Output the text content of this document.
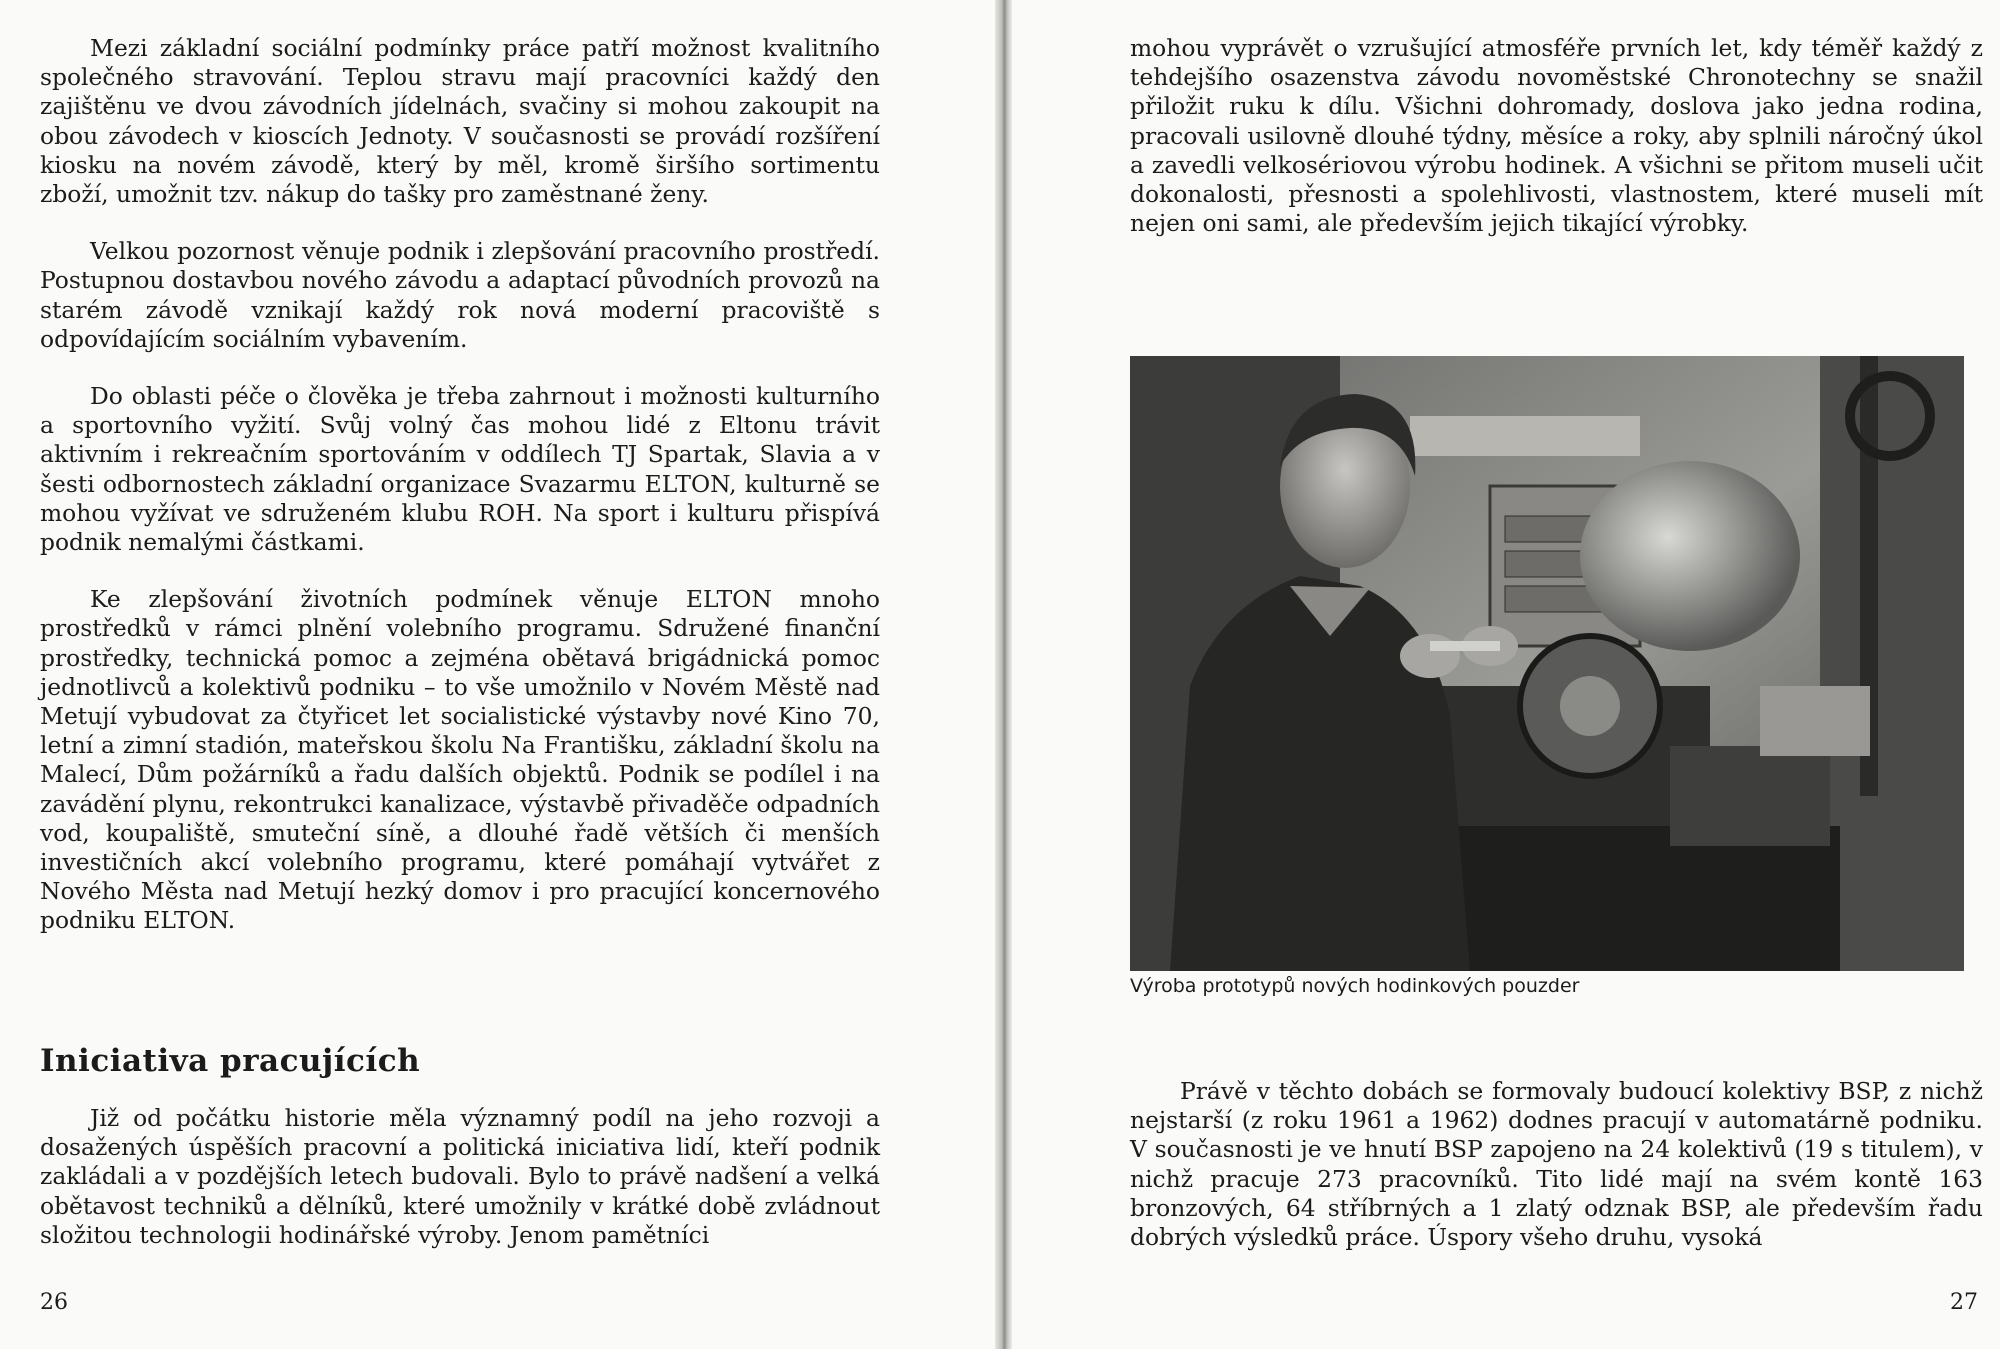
Mezi základní sociální podmínky práce patří možnost kvalitního společného stravování. Teplou stravu mají pracovníci každý den zajištěnu ve dvou závodních jídelnách, svačiny si mohou zakoupit na obou závodech v kioscích Jednoty. V současnosti se provádí rozšíření kiosku na novém závodě, který by měl, kromě širšího sortimentu zboží, umožnit tzv. nákup do tašky pro zaměstnané ženy.

Velkou pozornost věnuje podnik i zlepšování pracovního prostředí. Postupnou dostavbou nového závodu a adaptací původních provozů na starém závodě vznikají každý rok nová moderní pracoviště s odpovídajícím sociálním vybavením.

Do oblasti péče o člověka je třeba zahrnout i možnosti kulturního a sportovního vyžití. Svůj volný čas mohou lidé z Eltonu trávit aktivním i rekreačním sportováním v oddílech TJ Spartak, Slavia a v šesti odbornostech základní organizace Svazarmu ELTON, kulturně se mohou vyžívat ve sdruženém klubu ROH. Na sport i kulturu přispívá podnik nemalými částkami.

Ke zlepšování životních podmínek věnuje ELTON mnoho prostředků v rámci plnění volebního programu. Sdružené finanční prostředky, technická pomoc a zejména obětavá brigádnická pomoc jednotlivců a kolektivů podniku – to vše umožnilo v Novém Městě nad Metují vybudovat za čtyřicet let socialistické výstavby nové Kino 70, letní a zimní stadión, mateřskou školu Na Františku, základní školu na Malecí, Dům požárníků a řadu dalších objektů. Podnik se podílel i na zavádění plynu, rekontrukci kanalizace, výstavbě přivaděče odpadních vod, koupaliště, smuteční síně, a dlouhé řadě větších či menších investičních akcí volebního programu, které pomáhají vytvářet z Nového Města nad Metují hezký domov i pro pracující koncernového podniku ELTON.

Iniciativa pracujících

Již od počátku historie měla významný podíl na jeho rozvoji a dosažených úspěších pracovní a politická iniciativa lidí, kteří podnik zakládali a v pozdějších letech budovali. Bylo to právě nadšení a velká obětavost techniků a dělníků, které umožnily v krátké době zvládnout složitou technologii hodinářské výroby. Jenom pamětníci

26

mohou vyprávět o vzrušující atmosféře prvních let, kdy téměř každý z tehdejšího osazenstva závodu novoměstské Chronotechny se snažil přiložit ruku k dílu. Všichni dohromady, doslova jako jedna rodina, pracovali usilovně dlouhé týdny, měsíce a roky, aby splnili náročný úkol a zavedli velkosériovou výrobu hodinek. A všichni se přitom museli učit dokonalosti, přesnosti a spolehlivosti, vlastnostem, které museli mít nejen oni sami, ale především jejich tikající výrobky.

Právě v těchto dobách se formovaly budoucí kolektivy BSP, z nichž nejstarší (z roku 1961 a 1962) dodnes pracují v automatárně podniku. V současnosti je ve hnutí BSP zapojeno na 24 kolektivů (19 s titulem), v nichž pracuje 273 pracovníků. Tito lidé mají na svém kontě 163 bronzových, 64 stříbrných a 1 zlatý odznak BSP, ale především řadu dobrých výsledků práce. Úspory všeho druhu, vysoká

27
Výroba prototypů nových hodinkových pouzder
